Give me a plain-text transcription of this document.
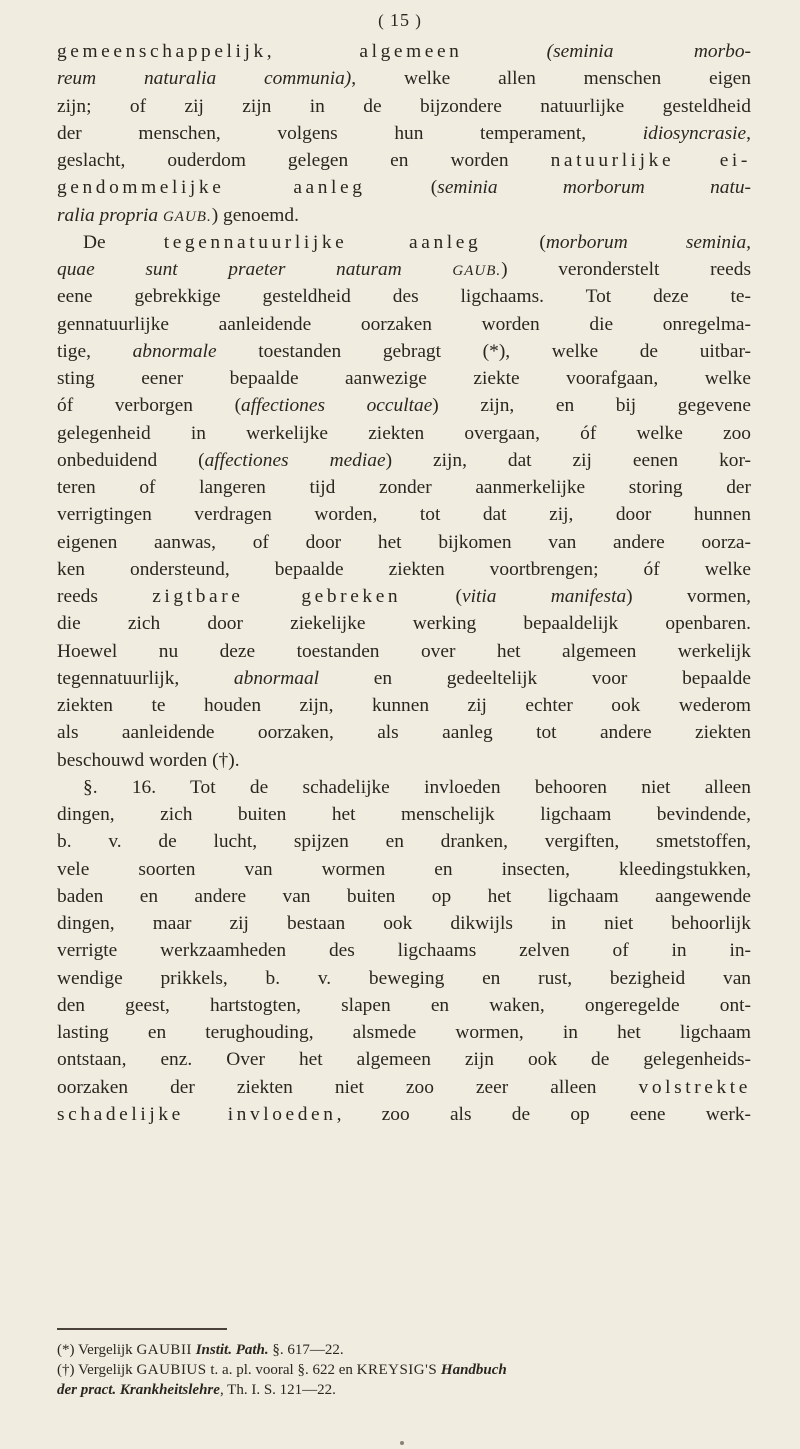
( 15 )
gemeenschappelijk, algemeen (seminia morbo-
reum naturalia communia), welke allen menschen eigen
zijn; of zij zijn in de bijzondere natuurlijke gesteldheid
der menschen, volgens hun temperament, idiosyncrasie,
geslacht, ouderdom gelegen en worden natuurlijke ei-
gendommelijke aanleg (seminia morborum natu-
ralia propria GAUB.) genoemd.
De tegennatuurlijke aanleg (morborum seminia,
quae sunt praeter naturam GAUB.) veronderstelt reeds
eene gebrekkige gesteldheid des ligchaams. Tot deze te-
gennatuurlijke aanleidende oorzaken worden die onregelma-
tige, abnormale toestanden gebragt (*), welke de uitbar-
sting eener bepaalde aanwezige ziekte voorafgaan, welke
óf verborgen (affectiones occultae) zijn, en bij gegevene
gelegenheid in werkelijke ziekten overgaan, óf welke zoo
onbeduidend (affectiones mediae) zijn, dat zij eenen kor-
teren of langeren tijd zonder aanmerkelijke storing der
verrigtingen verdragen worden, tot dat zij, door hunnen
eigenen aanwas, of door het bijkomen van andere oorza-
ken ondersteund, bepaalde ziekten voortbrengen; óf welke
reeds zigtbare gebreken (vitia manifesta) vormen,
die zich door ziekelijke werking bepaaldelijk openbaren.
Hoewel nu deze toestanden over het algemeen werkelijk
tegennatuurlijk, abnormaal en gedeeltelijk voor bepaalde
ziekten te houden zijn, kunnen zij echter ook wederom
als aanleidende oorzaken, als aanleg tot andere ziekten
beschouwd worden (†).
§. 16. Tot de schadelijke invloeden behooren niet alleen
dingen, zich buiten het menschelijk ligchaam bevindende,
b. v. de lucht, spijzen en dranken, vergiften, smetstoffen,
vele soorten van wormen en insecten, kleedingstukken,
baden en andere van buiten op het ligchaam aangewende
dingen, maar zij bestaan ook dikwijls in niet behoorlijk
verrigte werkzaamheden des ligchaams zelven of in in-
wendige prikkels, b. v. beweging en rust, bezigheid van
den geest, hartstogten, slapen en waken, ongeregelde ont-
lasting en terughouding, alsmede wormen, in het ligchaam
ontstaan, enz. Over het algemeen zijn ook de gelegenheids-
oorzaken der ziekten niet zoo zeer alleen volstrekte
schadelijke invloeden, zoo als de op eene werk-
(*) Vergelijk GAUBII Instit. Path. §. 617—22.
(†) Vergelijk GAUBIUS t. a. pl. vooral §. 622 en KREYSIG'S Handbuch
der pract. Krankheitslehre, Th. I. S. 121—22.
